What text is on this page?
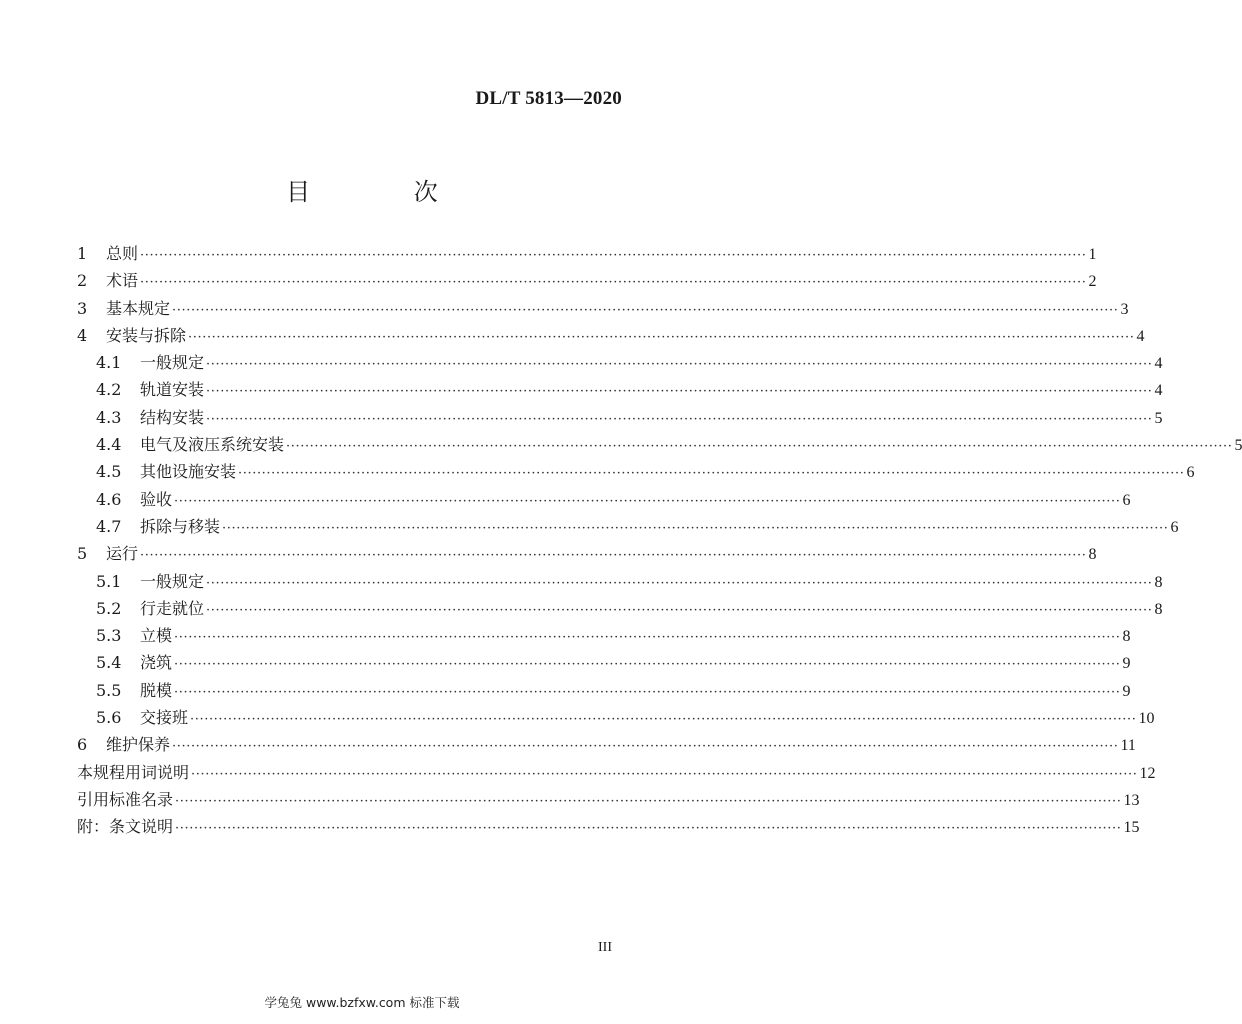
DL/T 5813—2020
目 次
1	总则 ········································································································································································································ 1
2	术语 ········································································································································································································ 2
3	基本规定 ········································································································································································································ 3
4	安装与拆除 ········································································································································································································ 4
4.1	一般规定 ········································································································································································································ 4
4.2	轨道安装 ········································································································································································································ 4
4.3	结构安装 ········································································································································································································ 5
4.4	电气及液压系统安装 ········································································································································································································ 5
4.5	其他设施安装 ········································································································································································································ 6
4.6	验收 ········································································································································································································ 6
4.7	拆除与移装 ········································································································································································································ 6
5	运行 ········································································································································································································ 8
5.1	一般规定 ········································································································································································································ 8
5.2	行走就位 ········································································································································································································ 8
5.3	立模 ········································································································································································································ 8
5.4	浇筑 ········································································································································································································ 9
5.5	脱模 ········································································································································································································ 9
5.6	交接班 ········································································································································································································ 10
6	维护保养 ········································································································································································································ 11
本规程用词说明 ········································································································································································································ 12
引用标准名录 ········································································································································································································ 13
附：条文说明 ········································································································································································································ 15
III
学兔兔 www.bzfxw.com 标准下载
